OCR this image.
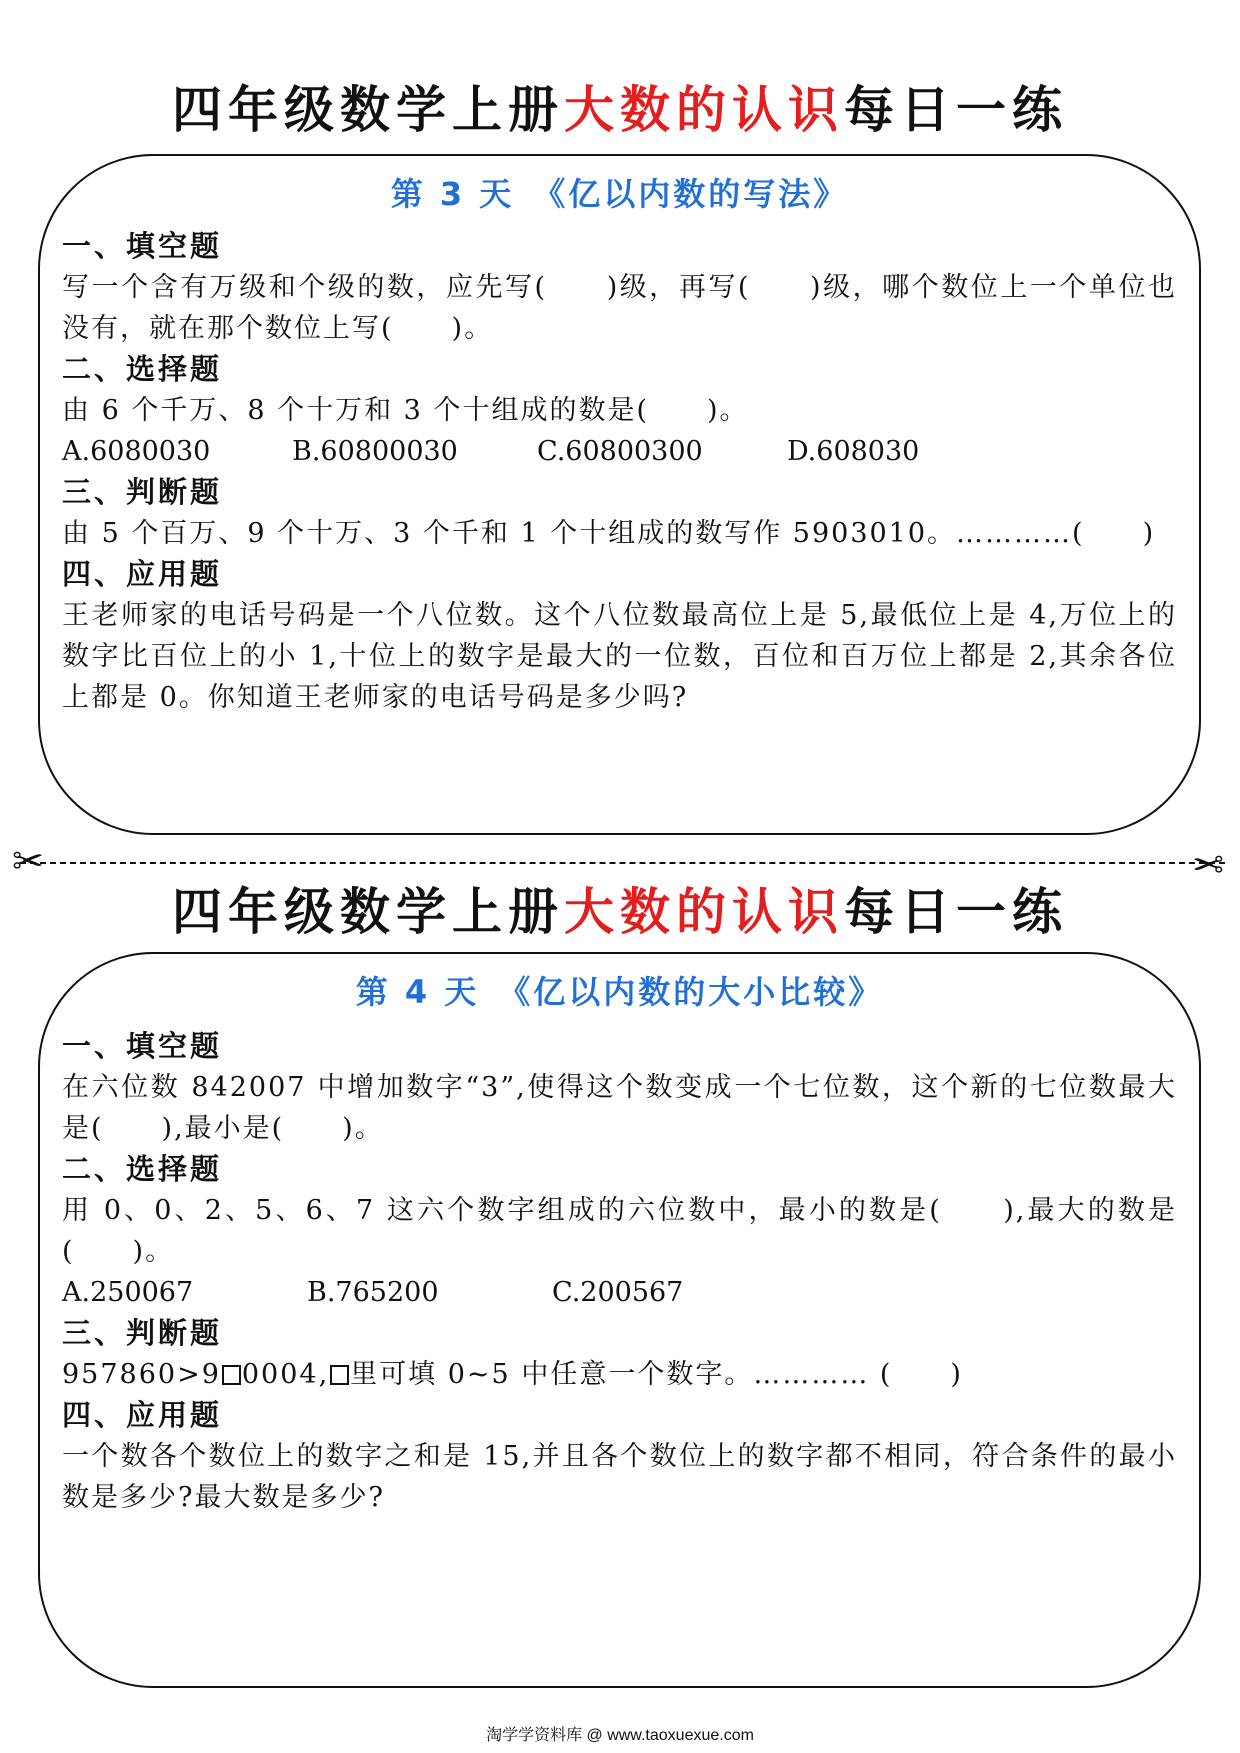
四年级数学上册大数的认识每日一练
第 3 天　《亿以内数的写法》
一、填空题
写一个含有万级和个级的数，应先写(　　)级，再写(　　)级，哪个数位上一个单位也没有，就在那个数位上写(　　)。
二、选择题
由 6 个千万、8 个十万和 3 个十组成的数是(　　)。
A.6080030	B.60800030	C.60800300	D.608030
三、判断题
由 5 个百万、9 个十万、3 个千和 1 个十组成的数写作 5903010。…………(　　)
四、应用题
王老师家的电话号码是一个八位数。这个八位数最高位上是 5,最低位上是 4,万位上的数字比百位上的小 1,十位上的数字是最大的一位数，百位和百万位上都是 2,其余各位上都是 0。你知道王老师家的电话号码是多少吗?
✂	✂
四年级数学上册大数的认识每日一练
第 4 天　《亿以内数的大小比较》
一、填空题
在六位数 842007 中增加数字“3”,使得这个数变成一个七位数，这个新的七位数最大是(　　),最小是(　　)。
二、选择题
用 0、0、2、5、6、7 这六个数字组成的六位数中，最小的数是(　　),最大的数是(　　)。
A.250067	B.765200	C.200567
三、判断题
957860>9 0004, 里可填 0~5 中任意一个数字。………… (　　)
四、应用题
一个数各个数位上的数字之和是 15,并且各个数位上的数字都不相同，符合条件的最小数是多少?最大数是多少?
淘学学资料库 @ www.taoxuexue.com
